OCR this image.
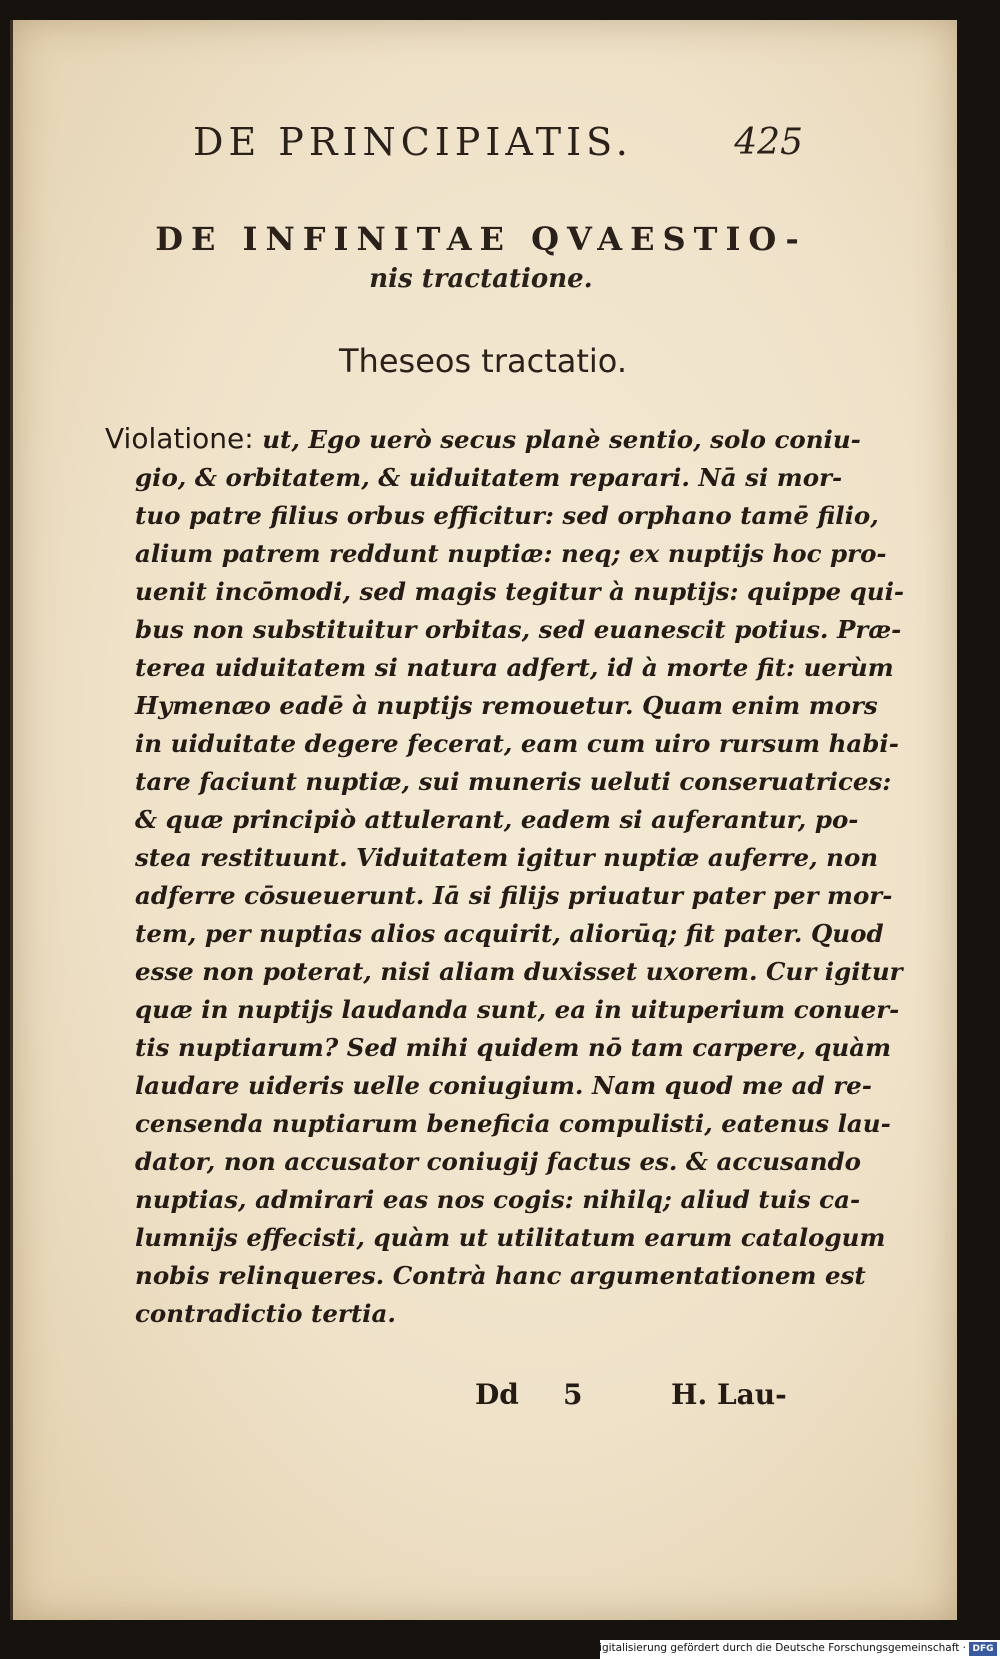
DE PRINCIPIATIS.	425
DE INFINITAE QVAESTIO-
nis tractatione.
Theseos tractatio.
Violatione: ut, Ego uerò secus planè sentio, solo coniu-
gio, & orbitatem, & uiduitatem reparari. Nā si mor-
tuo patre filius orbus efficitur: sed orphano tamē filio,
alium patrem reddunt nuptiæ: neq; ex nuptijs hoc pro-
uenit incōmodi, sed magis tegitur à nuptijs: quippe qui-
bus non substituitur orbitas, sed euanescit potius. Præ-
terea uiduitatem si natura adfert, id à morte fit: uerùm
Hymenæo eadē à nuptijs remouetur. Quam enim mors
in uiduitate degere fecerat, eam cum uiro rursum habi-
tare faciunt nuptiæ, sui muneris ueluti conseruatrices:
& quæ principiò attulerant, eadem si auferantur, po-
stea restituunt. Viduitatem igitur nuptiæ auferre, non
adferre cōsueuerunt. Iā si filijs priuatur pater per mor-
tem, per nuptias alios acquirit, aliorūq; fit pater. Quod
esse non poterat, nisi aliam duxisset uxorem. Cur igitur
quæ in nuptijs laudanda sunt, ea in uituperium conuer-
tis nuptiarum? Sed mihi quidem nō tam carpere, quàm
laudare uideris uelle coniugium. Nam quod me ad re-
censenda nuptiarum beneficia compulisti, eatenus lau-
dator, non accusator coniugij factus es. & accusando
nuptias, admirari eas nos cogis: nihilq; aliud tuis ca-
lumnijs effecisti, quàm ut utilitatum earum catalogum
nobis relinqueres. Contrà hanc argumentationem est
contradictio tertia.
Dd 5	H. Lau-
Digitalisierung gefördert durch die Deutsche Forschungsgemeinschaft · DFG
